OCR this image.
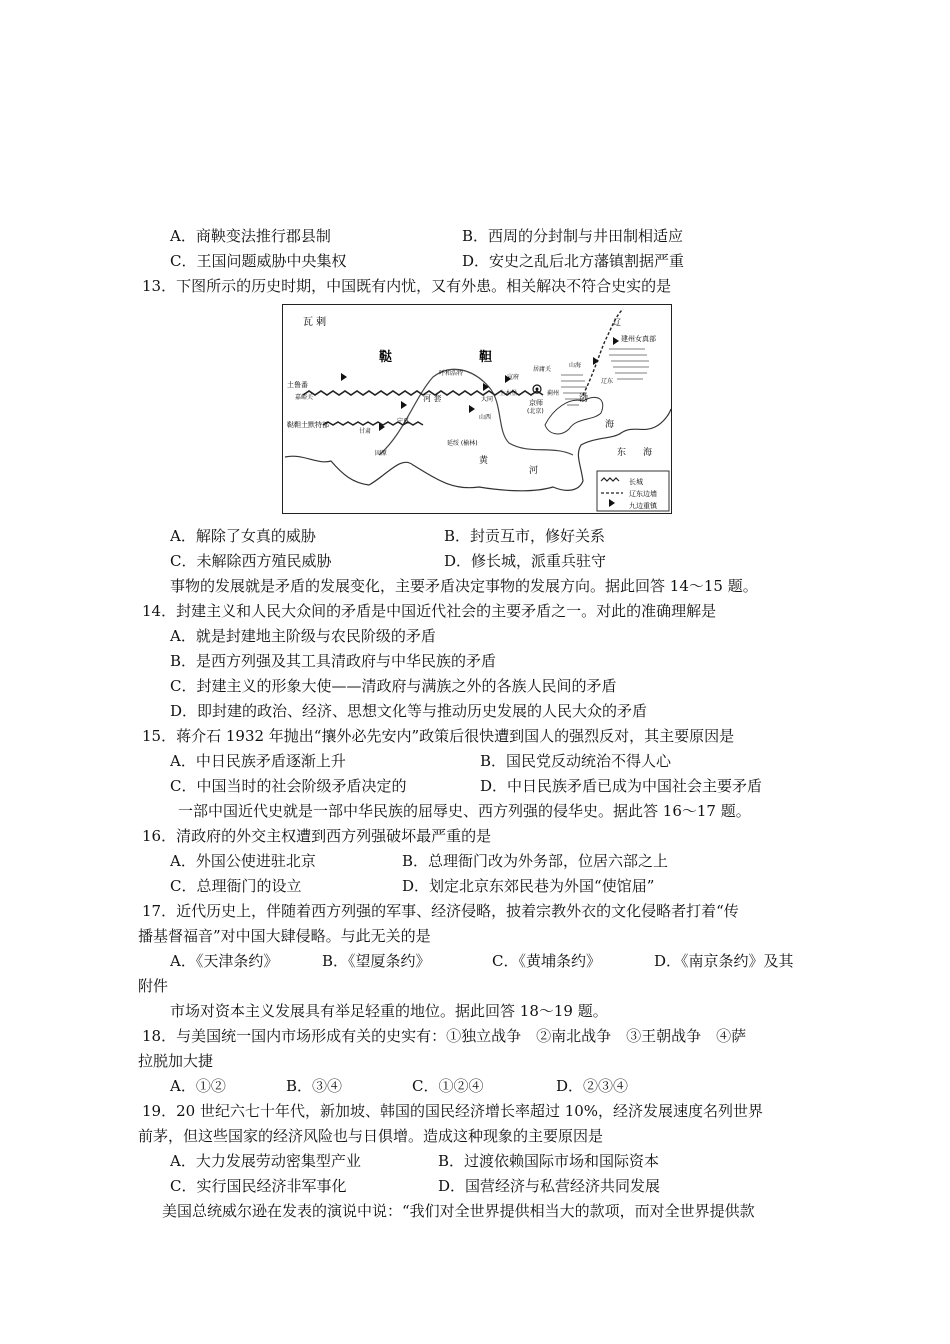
A．商鞅变法推行郡县制	B．西周的分封制与井田制相适应
C．王国问题威胁中央集权	D．安史之乱后北方藩镇割据严重
13．下图所示的历史时期，中国既有内忧，又有外患。相关解决不符合史实的是
瓦 剌
鞑	靼
土鲁番
嘉峪关
鞑靼土默特部
呼和浩特
河 套
宁夏
甘肃
固原
延绥 (榆林)
山西
大同
宣府
居庸关
土木堡	蓟州
京师
(北京)
山海
辽东
建州女真部
辽
渤
海
黄
河
东 海
长城
辽东边墙
九边重镇
A．解除了女真的威胁	B．封贡互市，修好关系
C．未解除西方殖民威胁	D．修长城，派重兵驻守
事物的发展就是矛盾的发展变化，主要矛盾决定事物的发展方向。据此回答 14～15 题。
14．封建主义和人民大众间的矛盾是中国近代社会的主要矛盾之一。对此的准确理解是
A．就是封建地主阶级与农民阶级的矛盾
B．是西方列强及其工具清政府与中华民族的矛盾
C．封建主义的形象大使——清政府与满族之外的各族人民间的矛盾
D．即封建的政治、经济、思想文化等与推动历史发展的人民大众的矛盾
15．蒋介石 1932 年抛出“攘外必先安内”政策后很快遭到国人的强烈反对，其主要原因是
A．中日民族矛盾逐渐上升	B．国民党反动统治不得人心
C．中国当时的社会阶级矛盾决定的	D．中日民族矛盾已成为中国社会主要矛盾
一部中国近代史就是一部中华民族的屈辱史、西方列强的侵华史。据此答 16～17 题。
16．清政府的外交主权遭到西方列强破坏最严重的是
A．外国公使进驻北京	B．总理衙门改为外务部，位居六部之上
C．总理衙门的设立	D．划定北京东郊民巷为外国“使馆届”
17．近代历史上，伴随着西方列强的军事、经济侵略，披着宗教外衣的文化侵略者打着“传
播基督福音”对中国大肆侵略。与此无关的是
A．《天津条约》	B．《望厦条约》	C．《黄埔条约》	D．《南京条约》及其
附件
市场对资本主义发展具有举足轻重的地位。据此回答 18～19 题。
18．与美国统一国内市场形成有关的史实有：①独立战争　②南北战争　③王朝战争　④萨
拉脱加大捷
A．①②	B．③④	C．①②④	D．②③④
19．20 世纪六七十年代，新加坡、韩国的国民经济增长率超过 10%，经济发展速度名列世界
前茅，但这些国家的经济风险也与日俱增。造成这种现象的主要原因是
A．大力发展劳动密集型产业	B．过渡依赖国际市场和国际资本
C．实行国民经济非军事化	D．国营经济与私营经济共同发展
美国总统威尔逊在发表的演说中说：“我们对全世界提供相当大的款项，而对全世界提供款
